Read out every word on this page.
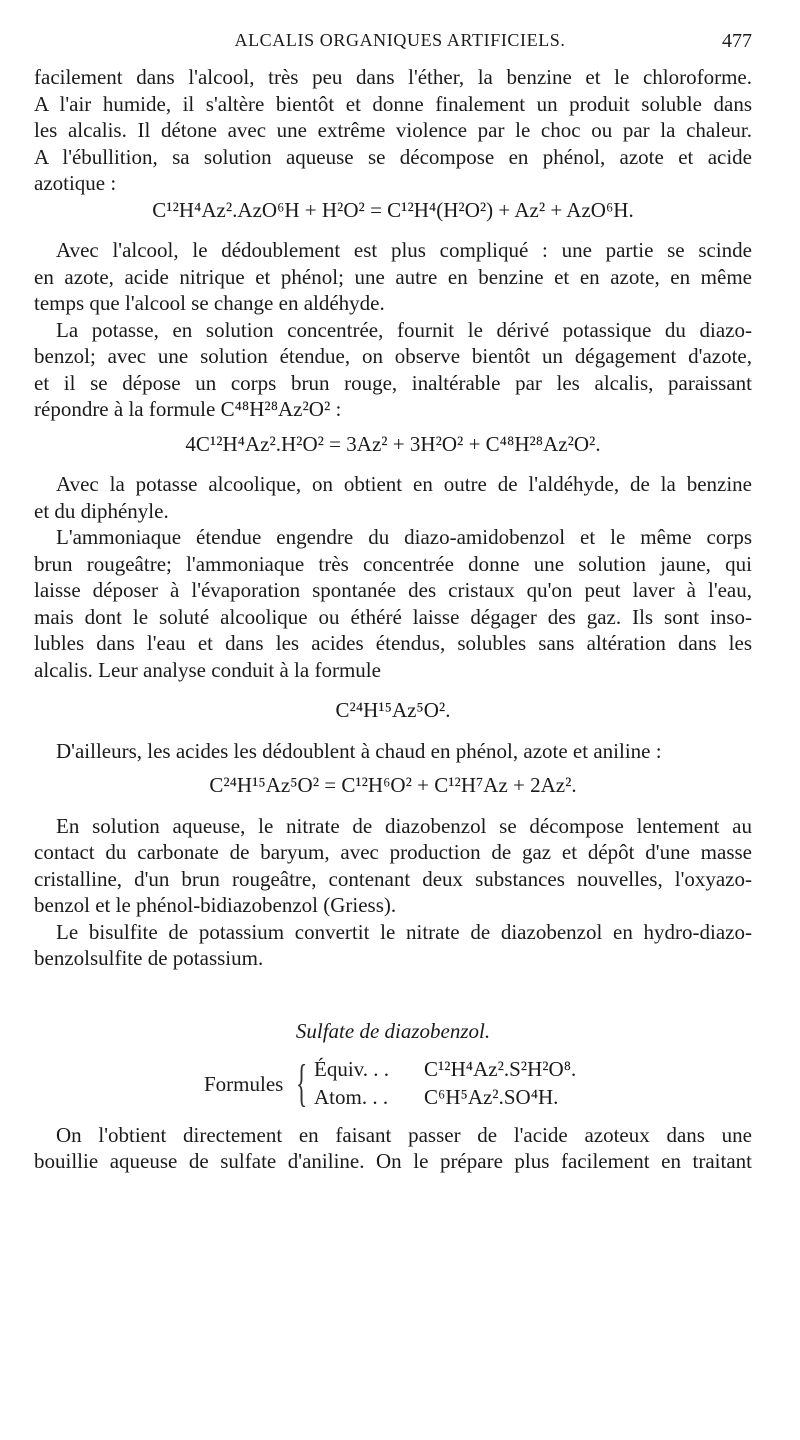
ALCALIS ORGANIQUES ARTIFICIELS.	477
facilement dans l'alcool, très peu dans l'éther, la benzine et le chloroforme.
A l'air humide, il s'altère bientôt et donne finalement un produit soluble dans
les alcalis. Il détone avec une extrême violence par le choc ou par la chaleur.
A l'ébullition, sa solution aqueuse se décompose en phénol, azote et acide
azotique :
C¹²H⁴Az².AzO⁶H + H²O² = C¹²H⁴(H²O²) + Az² + AzO⁶H.
Avec l'alcool, le dédoublement est plus compliqué : une partie se scinde
en azote, acide nitrique et phénol; une autre en benzine et en azote, en même
temps que l'alcool se change en aldéhyde.
La potasse, en solution concentrée, fournit le dérivé potassique du diazo-
benzol; avec une solution étendue, on observe bientôt un dégagement d'azote,
et il se dépose un corps brun rouge, inaltérable par les alcalis, paraissant
répondre à la formule C⁴⁸H²⁸Az²O² :
4C¹²H⁴Az².H²O² = 3Az² + 3H²O² + C⁴⁸H²⁸Az²O².
Avec la potasse alcoolique, on obtient en outre de l'aldéhyde, de la benzine
et du diphényle.
L'ammoniaque étendue engendre du diazo-amidobenzol et le même corps
brun rougeâtre; l'ammoniaque très concentrée donne une solution jaune, qui
laisse déposer à l'évaporation spontanée des cristaux qu'on peut laver à l'eau,
mais dont le soluté alcoolique ou éthéré laisse dégager des gaz. Ils sont inso-
lubles dans l'eau et dans les acides étendus, solubles sans altération dans les
alcalis. Leur analyse conduit à la formule
C²⁴H¹⁵Az⁵O².
D'ailleurs, les acides les dédoublent à chaud en phénol, azote et aniline :
C²⁴H¹⁵Az⁵O² = C¹²H⁶O² + C¹²H⁷Az + 2Az².
En solution aqueuse, le nitrate de diazobenzol se décompose lentement au
contact du carbonate de baryum, avec production de gaz et dépôt d'une masse
cristalline, d'un brun rougeâtre, contenant deux substances nouvelles, l'oxyazo-
benzol et le phénol-bidiazobenzol (Griess).
Le bisulfite de potassium convertit le nitrate de diazobenzol en hydro-diazo-
benzolsulfite de potassium.
Sulfate de diazobenzol.
Formules { Équiv. . . C¹²H⁴Az².S²H²O⁸.
Atom. . . C⁶H⁵Az².SO⁴H.
On l'obtient directement en faisant passer de l'acide azoteux dans une
bouillie aqueuse de sulfate d'aniline. On le prépare plus facilement en traitant
